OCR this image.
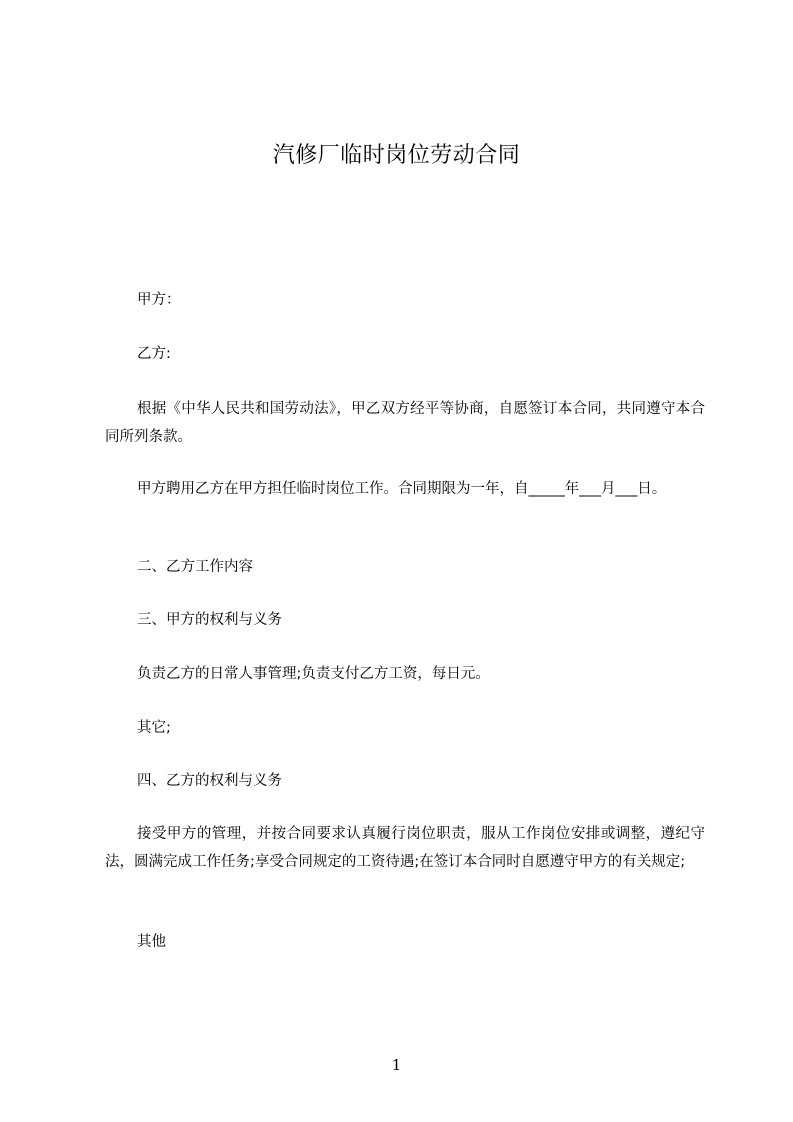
汽修厂临时岗位劳动合同
甲方：
乙方:
根据《中华人民共和国劳动法》，甲乙双方经平等协商，自愿签订本合同，共同遵守本合同所列条款。
甲方聘用乙方在甲方担任临时岗位工作。合同期限为一年，自_____年___月___日。
二、乙方工作内容
三、甲方的权利与义务
负责乙方的日常人事管理;负责支付乙方工资，每日元。
其它;
四、乙方的权利与义务
接受甲方的管理，并按合同要求认真履行岗位职责，服从工作岗位安排或调整，遵纪守法，圆满完成工作任务;享受合同规定的工资待遇;在签订本合同时自愿遵守甲方的有关规定;
其他
1
